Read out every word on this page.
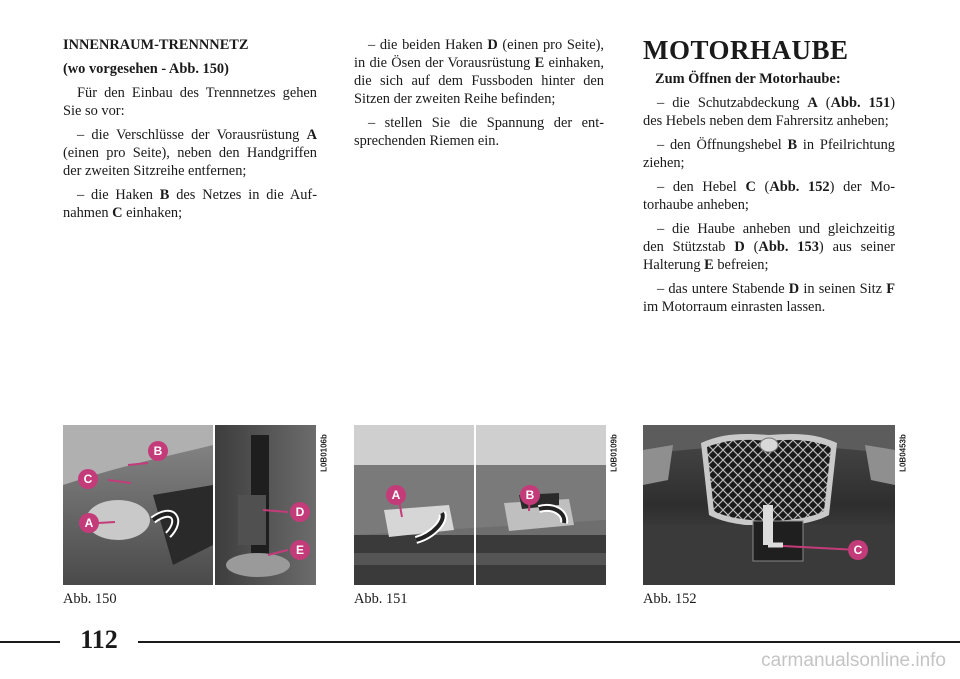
INNENRAUM-TRENNNETZ

(wo vorgesehen - Abb. 150)

Für den Einbau des Trennnetzes gehen Sie so vor:

– die Verschlüsse der Vorausrüstung A (einen pro Seite), neben den Handgriffen der zweiten Sitzreihe entfernen;

– die Haken B des Netzes in die Aufnahmen C einhaken;

– die beiden Haken D (einen pro Seite), in die Ösen der Vorausrüstung E einhaken, die sich auf dem Fussboden hinter den Sitzen der zweiten Reihe befinden;

– stellen Sie die Spannung der entsprechenden Riemen ein.

MOTORHAUBE

Zum Öffnen der Motorhaube:

– die Schutzabdeckung A (Abb. 151) des Hebels neben dem Fahrersitz anheben;

– den Öffnungshebel B in Pfeilrichtung ziehen;

– den Hebel C (Abb. 152) der Motorhaube anheben;

– die Haube anheben und gleichzeitig den Stützstab D (Abb. 153) aus seiner Halterung E befreien;

– das untere Stabende D in seinen Sitz F im Motorraum einrasten lassen.

B
C
A
D
E
L0B0106b
Abb. 150
A	B
L0B0109b
Abb. 151
C
L0B0453b
Abb. 152
112
carmanualsonline.info
